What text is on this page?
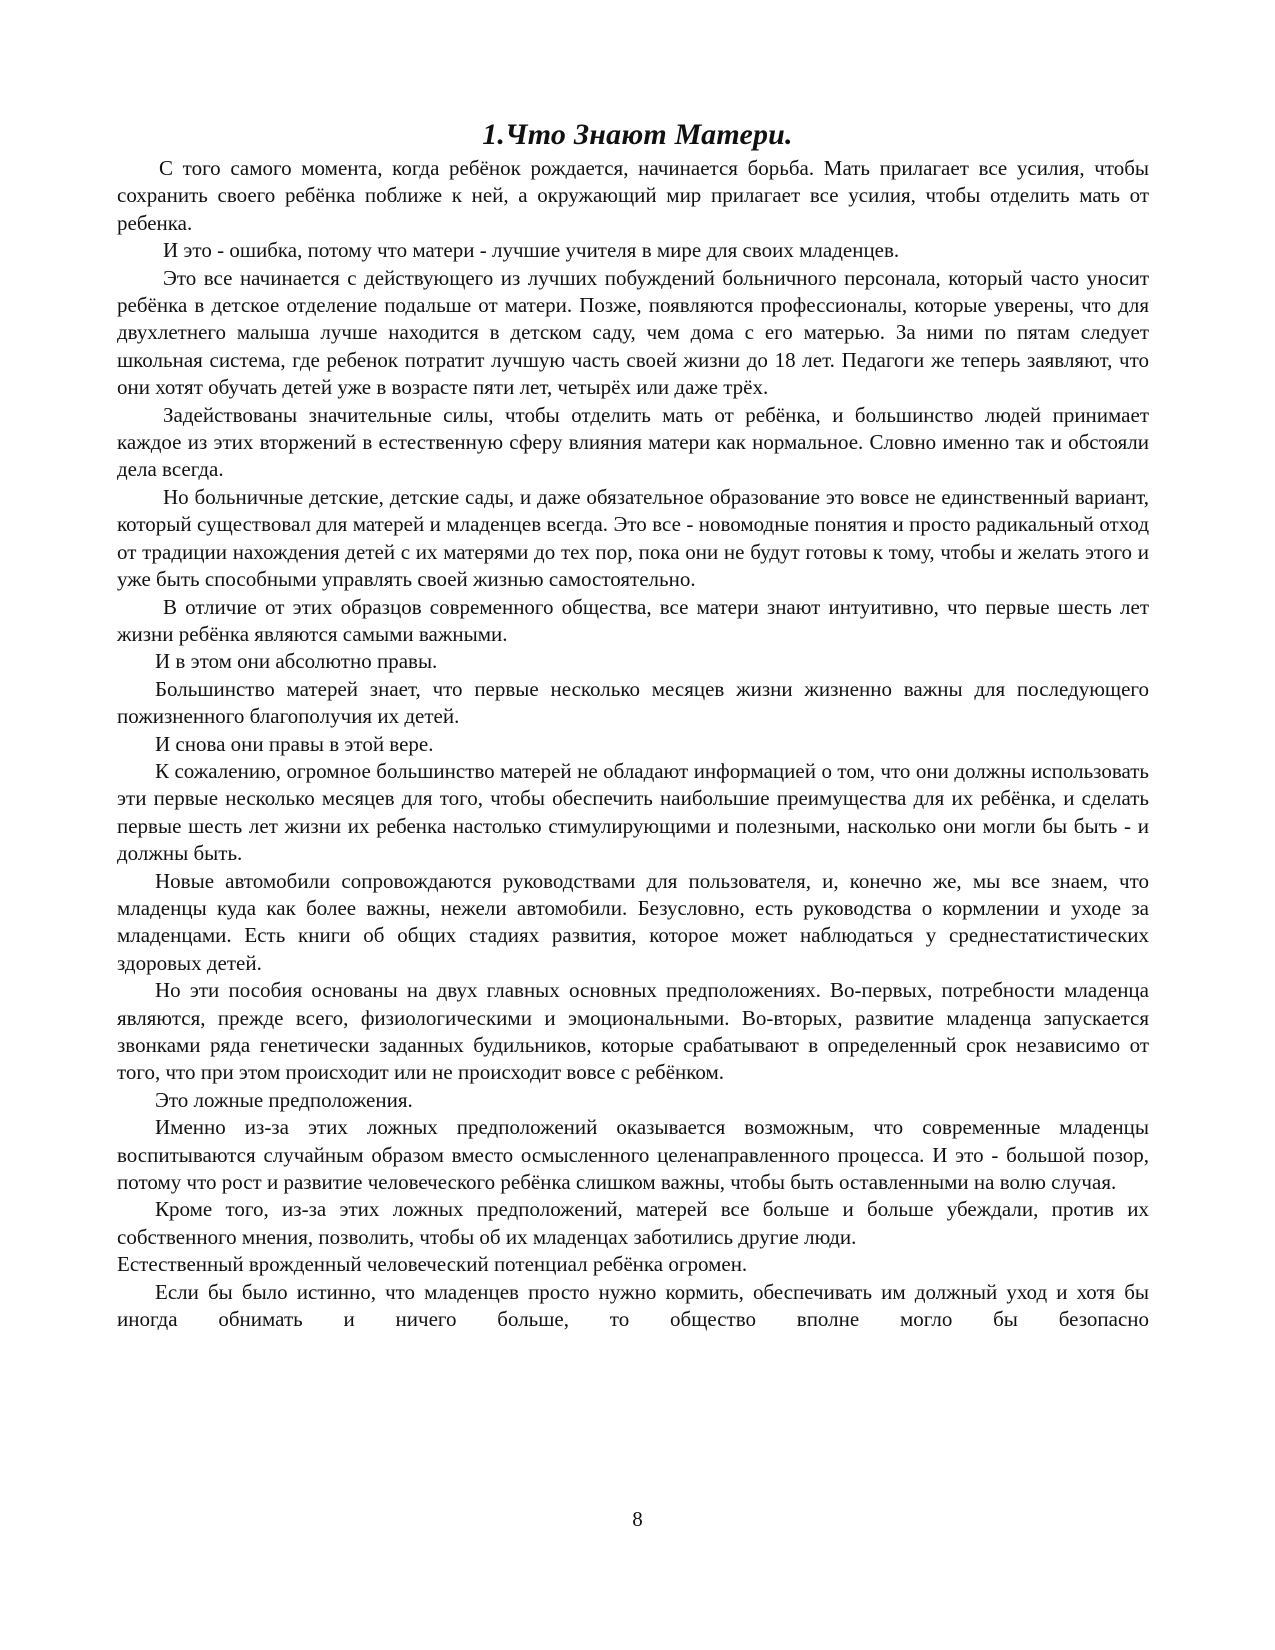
1.Что Знают Матери.

С того самого момента, когда ребёнок рождается, начинается борьба. Мать прилагает все усилия, чтобы сохранить своего ребёнка поближе к ней, а окружающий мир прилагает все усилия, чтобы отделить мать от ребенка.

И это - ошибка, потому что матери - лучшие учителя в мире для своих младенцев.

Это все начинается с действующего из лучших побуждений больничного персонала, который часто уносит ребёнка в детское отделение подальше от матери. Позже, появляются профессионалы, которые уверены, что для двухлетнего малыша лучше находится в детском саду, чем дома с его матерью. За ними по пятам следует школьная система, где ребенок потратит лучшую часть своей жизни до 18 лет. Педагоги же теперь заявляют, что они хотят обучать детей уже в возрасте пяти лет, четырёх или даже трёх.

Задействованы значительные силы, чтобы отделить мать от ребёнка, и большинство людей принимает каждое из этих вторжений в естественную сферу влияния матери как нормальное. Словно именно так и обстояли дела всегда.

Но больничные детские, детские сады, и даже обязательное образование это вовсе не единственный вариант, который существовал для матерей и младенцев всегда. Это все - новомодные понятия и просто радикальный отход от традиции нахождения детей с их матерями до тех пор, пока они не будут готовы к тому, чтобы и желать этого и уже быть способными управлять своей жизнью самостоятельно.

В отличие от этих образцов современного общества, все матери знают интуитивно, что первые шесть лет жизни ребёнка являются самыми важными.

И в этом они абсолютно правы.

Большинство матерей знает, что первые несколько месяцев жизни жизненно важны для последующего пожизненного благополучия их детей.

И снова они правы в этой вере.

К сожалению, огромное большинство матерей не обладают информацией о том, что они должны использовать эти первые несколько месяцев для того, чтобы обеспечить наибольшие преимущества для их ребёнка, и сделать первые шесть лет жизни их ребенка настолько стимулирующими и полезными, насколько они могли бы быть - и должны быть.

Новые автомобили сопровождаются руководствами для пользователя, и, конечно же, мы все знаем, что младенцы куда как более важны, нежели автомобили. Безусловно, есть руководства о кормлении и уходе за младенцами. Есть книги об общих стадиях развития, которое может наблюдаться у среднестатистических здоровых детей.

Но эти пособия основаны на двух главных основных предположениях. Во-первых, потребности младенца являются, прежде всего, физиологическими и эмоциональными. Во-вторых, развитие младенца запускается звонками ряда генетически заданных будильников, которые срабатывают в определенный срок независимо от того, что при этом происходит или не происходит вовсе с ребёнком.

Это ложные предположения.

Именно из-за этих ложных предположений оказывается возможным, что современные младенцы воспитываются случайным образом вместо осмысленного целенаправленного процесса. И это - большой позор, потому что рост и развитие человеческого ребёнка слишком важны, чтобы быть оставленными на волю случая.

Кроме того, из-за этих ложных предположений, матерей все больше и больше убеждали, против их собственного мнения, позволить, чтобы об их младенцах заботились другие люди.

Естественный врожденный человеческий потенциал ребёнка огромен.

Если бы было истинно, что младенцев просто нужно кормить, обеспечивать им должный уход и хотя бы иногда обнимать и ничего больше, то общество вполне могло бы безопасно

8
